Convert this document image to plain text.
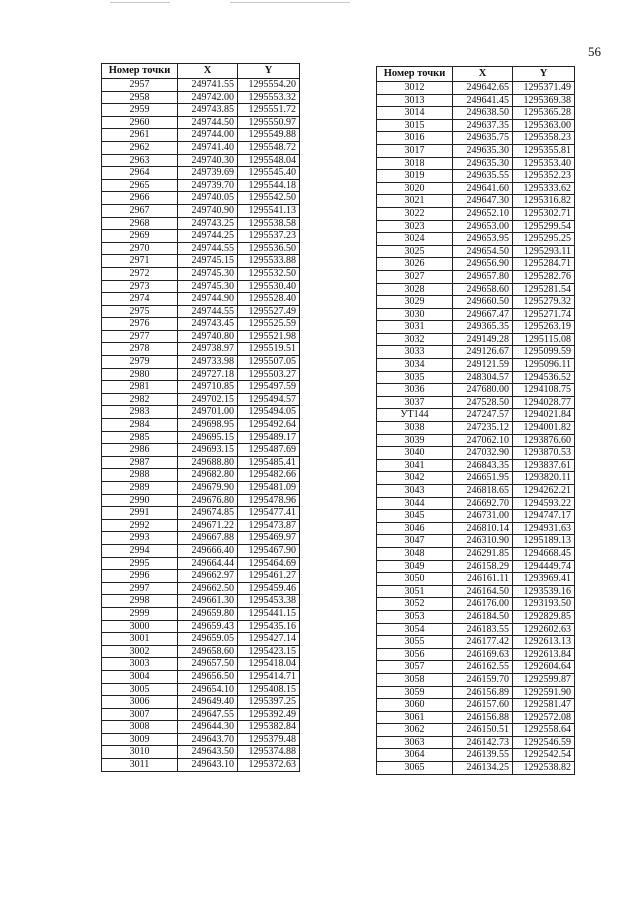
56
Номер точки	X	Y
2957	249741.55	1295554.20
2958	249742.00	1295553.32
2959	249743.85	1295551.72
2960	249744.50	1295550.97
2961	249744.00	1295549.88
2962	249741.40	1295548.72
2963	249740.30	1295548.04
2964	249739.69	1295545.40
2965	249739.70	1295544.18
2966	249740.05	1295542.50
2967	249740.90	1295541.13
2968	249743.25	1295538.58
2969	249744.25	1295537.23
2970	249744.55	1295536.50
2971	249745.15	1295533.88
2972	249745.30	1295532.50
2973	249745.30	1295530.40
2974	249744.90	1295528.40
2975	249744.55	1295527.49
2976	249743.45	1295525.59
2977	249740.80	1295521.98
2978	249738.97	1295519.51
2979	249733.98	1295507.05
2980	249727.18	1295503.27
2981	249710.85	1295497.59
2982	249702.15	1295494.57
2983	249701.00	1295494.05
2984	249698.95	1295492.64
2985	249695.15	1295489.17
2986	249693.15	1295487.69
2987	249688.80	1295485.41
2988	249682.80	1295482.66
2989	249679.90	1295481.09
2990	249676.80	1295478.96
2991	249674.85	1295477.41
2992	249671.22	1295473.87
2993	249667.88	1295469.97
2994	249666.40	1295467.90
2995	249664.44	1295464.69
2996	249662.97	1295461.27
2997	249662.50	1295459.46
2998	249661.30	1295453.38
2999	249659.80	1295441.15
3000	249659.43	1295435.16
3001	249659.05	1295427.14
3002	249658.60	1295423.15
3003	249657.50	1295418.04
3004	249656.50	1295414.71
3005	249654.10	1295408.15
3006	249649.40	1295397.25
3007	249647.55	1295392.49
3008	249644.30	1295382.84
3009	249643.70	1295379.48
3010	249643.50	1295374.88
3011	249643.10	1295372.63
Номер точки	X	Y
3012	249642.65	1295371.49
3013	249641.45	1295369.38
3014	249638.50	1295365.28
3015	249637.35	1295363.00
3016	249635.75	1295358.23
3017	249635.30	1295355.81
3018	249635.30	1295353.40
3019	249635.55	1295352.23
3020	249641.60	1295333.62
3021	249647.30	1295316.82
3022	249652.10	1295302.71
3023	249653.00	1295299.54
3024	249653.95	1295295.25
3025	249654.50	1295293.11
3026	249656.90	1295284.71
3027	249657.80	1295282.76
3028	249658.60	1295281.54
3029	249660.50	1295279.32
3030	249667.47	1295271.74
3031	249365.35	1295263.19
3032	249149.28	1295115.08
3033	249126.67	1295099.59
3034	249121.59	1295096.11
3035	248304.57	1294536.52
3036	247680.00	1294108.75
3037	247528.50	1294028.77
УТ144	247247.57	1294021.84
3038	247235.12	1294001.82
3039	247062.10	1293876.60
3040	247032.90	1293870.53
3041	246843.35	1293837.61
3042	246651.95	1293820.11
3043	246818.65	1294262.21
3044	246692.70	1294593.22
3045	246731.00	1294747.17
3046	246810.14	1294931.63
3047	246310.90	1295189.13
3048	246291.85	1294668.45
3049	246158.29	1294449.74
3050	246161.11	1293969.41
3051	246164.50	1293539.16
3052	246176.00	1293193.50
3053	246184.50	1292829.85
3054	246183.55	1292602.63
3055	246177.42	1292613.13
3056	246169.63	1292613.84
3057	246162.55	1292604.64
3058	246159.70	1292599.87
3059	246156.89	1292591.90
3060	246157.60	1292581.47
3061	246156.88	1292572.08
3062	246150.51	1292558.64
3063	246142.73	1292546.59
3064	246139.55	1292542.54
3065	246134.25	1292538.82
